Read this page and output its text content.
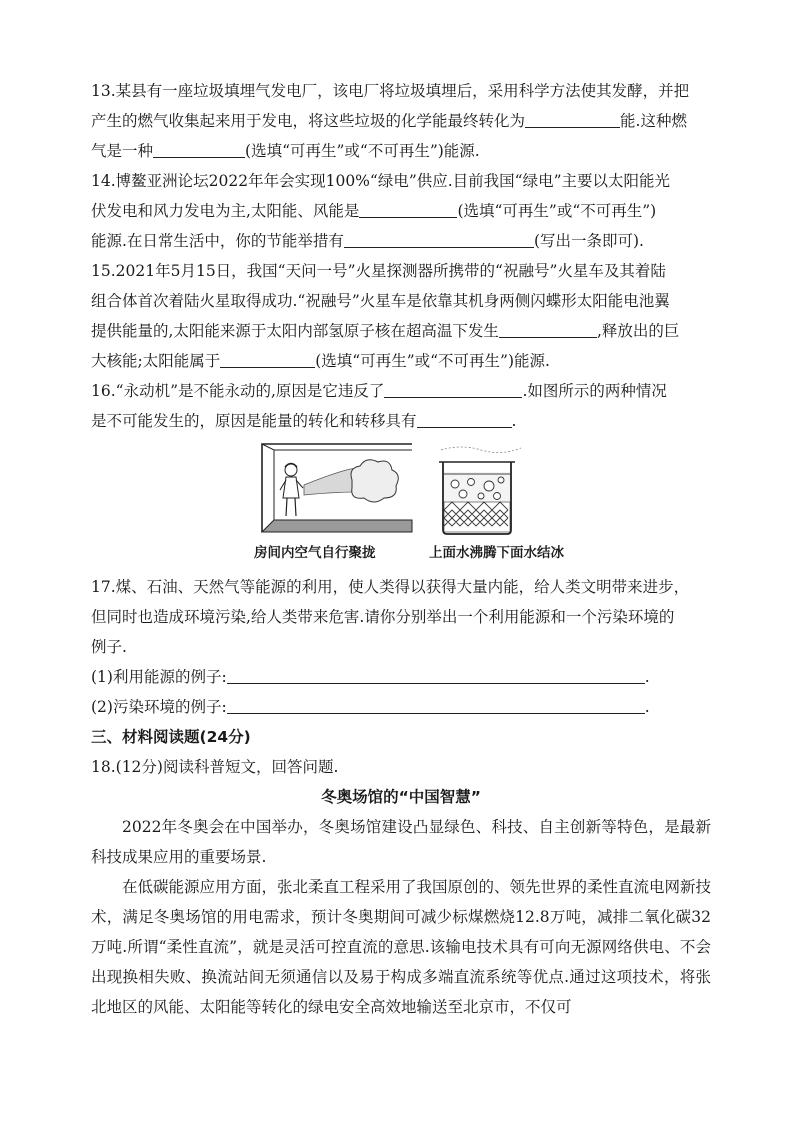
13.某县有一座垃圾填埋气发电厂，该电厂将垃圾填埋后，采用科学方法使其发酵，并把
产生的燃气收集起来用于发电，将这些垃圾的化学能最终转化为	能.这种燃
气是一种	(选填“可再生”或“不可再生”)能源.
14.博鳌亚洲论坛2022年年会实现100%“绿电”供应.目前我国“绿电”主要以太阳能光
伏发电和风力发电为主,太阳能、风能是	(选填“可再生”或“不可再生”)
能源.在日常生活中，你的节能举措有	(写出一条即可).
15.2021年5月15日，我国“天问一号”火星探测器所携带的“祝融号”火星车及其着陆
组合体首次着陆火星取得成功.“祝融号”火星车是依靠其机身两侧闪蝶形太阳能电池翼
提供能量的,太阳能来源于太阳内部氢原子核在超高温下发生	,释放出的巨
大核能;太阳能属于	(选填“可再生”或“不可再生”)能源.
16.“永动机”是不能永动的,原因是它违反了	.如图所示的两种情况
是不可能发生的，原因是能量的转化和转移具有	.
房间内空气自行聚拢	上面水沸腾下面水结冰
17.煤、石油、天然气等能源的利用，使人类得以获得大量内能，给人类文明带来进步，
但同时也造成环境污染,给人类带来危害.请你分别举出一个利用能源和一个污染环境的
例子.
(1)利用能源的例子:	.
(2)污染环境的例子:	.

三、材料阅读题(24分)

18.(12分)阅读科普短文，回答问题.

冬奥场馆的“中国智慧”

2022年冬奥会在中国举办，冬奥场馆建设凸显绿色、科技、自主创新等特色，是最新科技成果应用的重要场景.

在低碳能源应用方面，张北柔直工程采用了我国原创的、领先世界的柔性直流电网新技术，满足冬奥场馆的用电需求，预计冬奥期间可减少标煤燃烧12.8万吨，减排二氧化碳32万吨.所谓“柔性直流”，就是灵活可控直流的意思.该输电技术具有可向无源网络供电、不会出现换相失败、换流站间无须通信以及易于构成多端直流系统等优点.通过这项技术，将张北地区的风能、太阳能等转化的绿电安全高效地输送至北京市，不仅可
